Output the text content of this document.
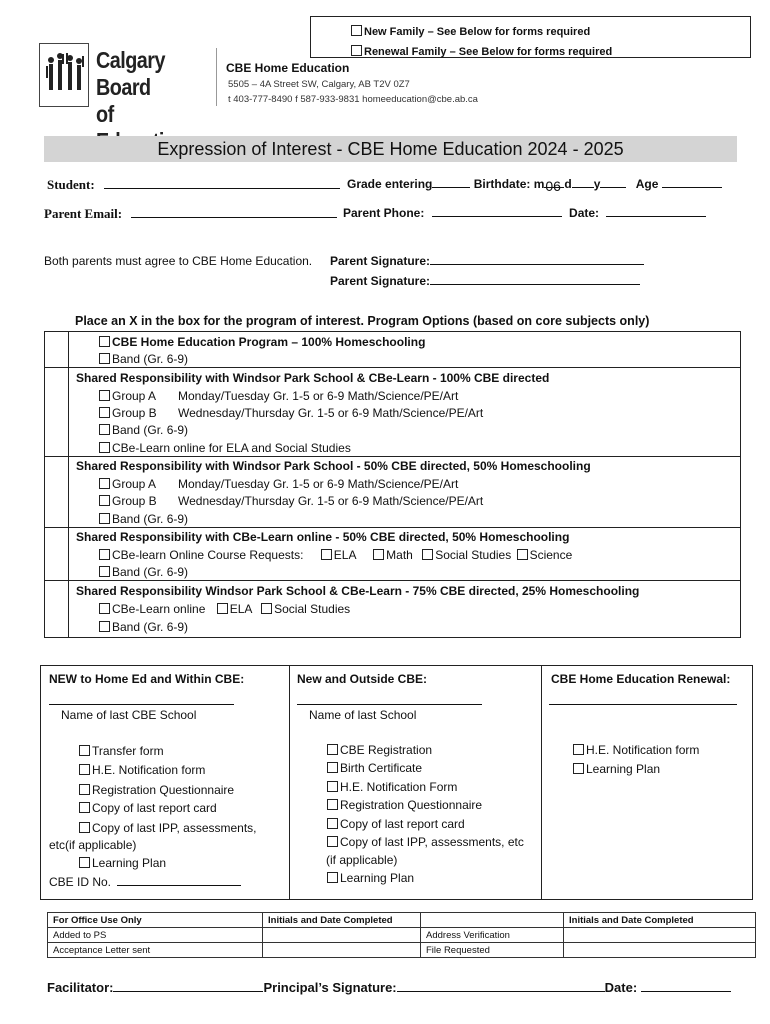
New Family – See Below for forms required
Renewal Family – See Below for forms required
Calgary Board
of
CBE Home Education
5505 – 4A Street SW, Calgary, AB T2V 0Z7
t 403-777-8490 f 587-933-9831 homeeducation@cbe.ab.ca
Expression of Interest - CBE Home Education 2024 - 2025
Student:	Grade entering	Birthdate: m 06 d y	Age
Parent Email:	Parent Phone:	Date:
Both parents must agree to CBE Home Education. Parent Signature:
Parent Signature:
Place an X in the box for the program of interest. Program Options (based on core subjects only)
CBE Home Education Program – 100% Homeschooling
Band (Gr. 6-9)
Shared Responsibility with Windsor Park School & CBe-Learn - 100% CBE directed
Group A Monday/Tuesday Gr. 1-5 or 6-9 Math/Science/PE/Art
Group B Wednesday/Thursday Gr. 1-5 or 6-9 Math/Science/PE/Art
Band (Gr. 6-9)
CBe-Learn online for ELA and Social Studies
Shared Responsibility with Windsor Park School - 50% CBE directed, 50% Homeschooling
Group A Monday/Tuesday Gr. 1-5 or 6-9 Math/Science/PE/Art
Group B Wednesday/Thursday Gr. 1-5 or 6-9 Math/Science/PE/Art
Band (Gr. 6-9)
Shared Responsibility with CBe-Learn online - 50% CBE directed, 50% Homeschooling
CBe-learn Online Course Requests:	ELA	Math Social Studies Science
Band (Gr. 6-9)
Shared Responsibility Windsor Park School & CBe-Learn - 75% CBE directed, 25% Homeschooling
CBe-Learn online ELA Social Studies
Band (Gr. 6-9)
NEW to Home Ed and Within CBE:
Name of last CBE School
Transfer form
H.E. Notification form
Registration Questionnaire
Copy of last report card
Copy of last IPP, assessments,
etc(if applicable)
Learning Plan
CBE ID No.
New and Outside CBE:
Name of last School
CBE Registration
Birth Certificate
H.E. Notification Form
Registration Questionnaire
Copy of last report card
Copy of last IPP, assessments, etc
(if applicable)
Learning Plan
CBE Home Education Renewal:
H.E. Notification form
Learning Plan
For Office Use Only	Initials and Date Completed		Initials and Date Completed
Added to PS		Address Verification	
Acceptance Letter sent		File Requested	
Facilitator:	Principal’s Signature:	Date:
